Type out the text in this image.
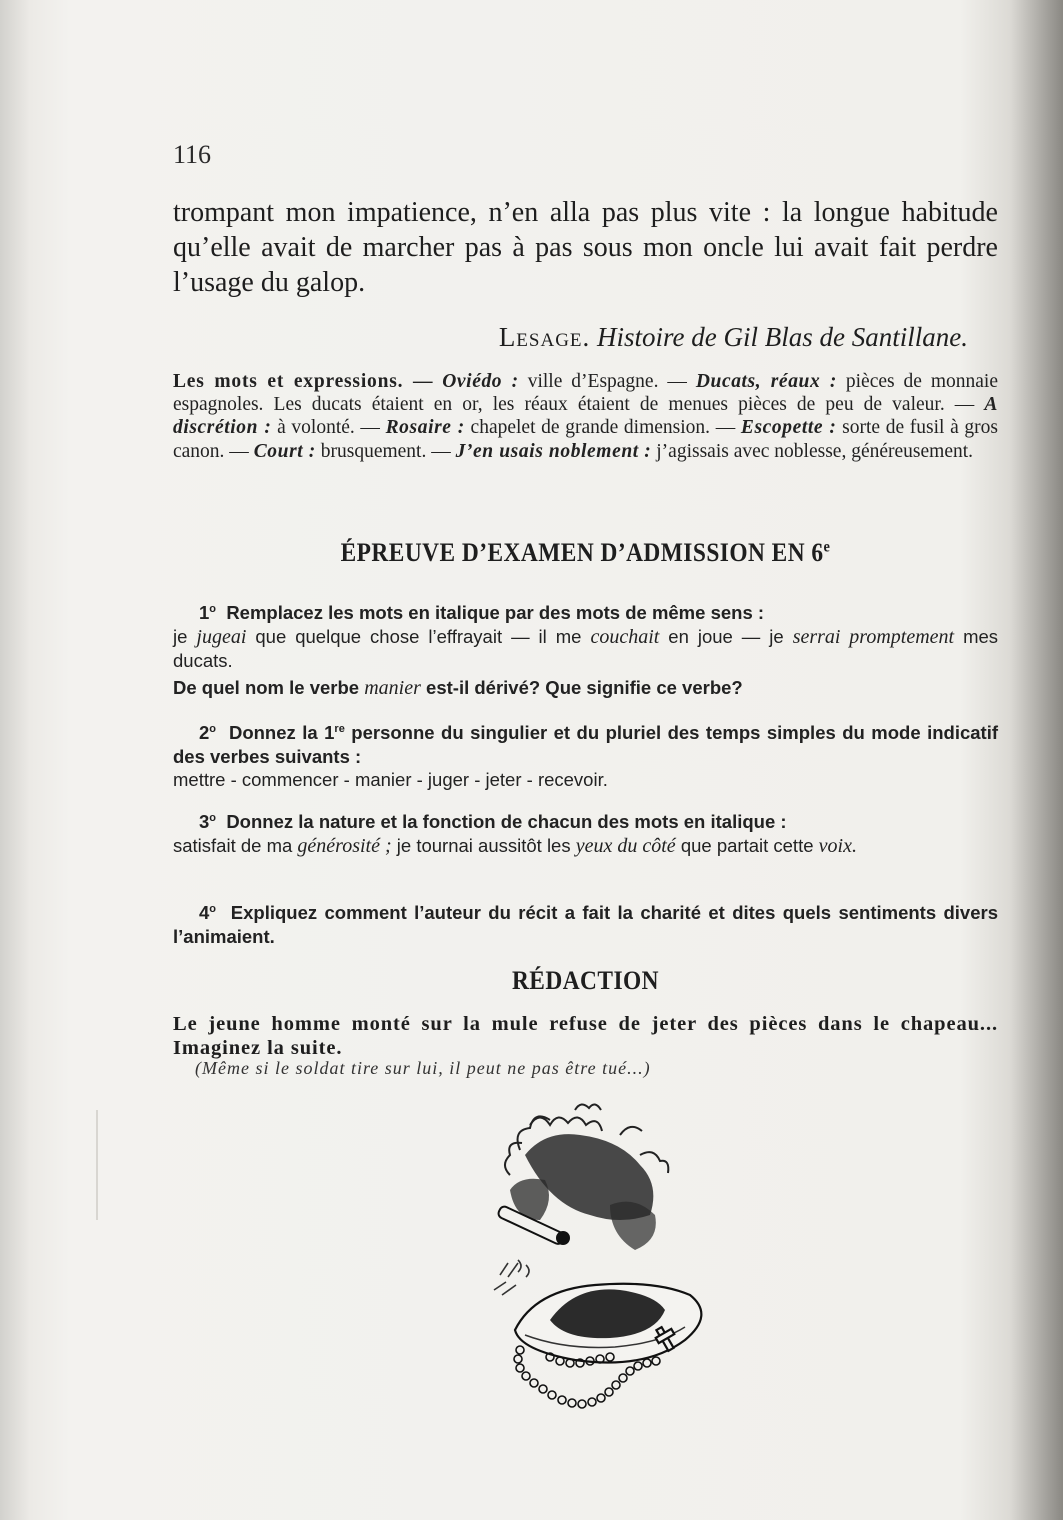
116

trompant mon impatience, n’en alla pas plus vite : la longue habitude qu’elle avait de marcher pas à pas sous mon oncle lui avait fait perdre l’usage du galop.

Lesage. Histoire de Gil Blas de Santillane.

Les mots et expressions. — Oviédo : ville d’Espagne. — Ducats, réaux : pièces de monnaie espagnoles. Les ducats étaient en or, les réaux étaient de menues pièces de peu de valeur. — A discrétion : à volonté. — Rosaire : chapelet de grande dimension. — Escopette : sorte de fusil à gros canon. — Court : brusquement. — J’en usais noblement : j’agissais avec noblesse, généreusement.

ÉPREUVE D’EXAMEN D’ADMISSION EN 6e

1$^o$ Remplacez les mots en italique par des mots de même sens :
je jugeai que quelque chose l’effrayait — il me couchait en joue — je serrai promptement mes ducats.

De quel nom le verbe manier est-il dérivé? Que signifie ce verbe?

2$^o$ Donnez la 1re personne du singulier et du pluriel des temps simples du mode indicatif des verbes suivants :
mettre - commencer - manier - juger - jeter - recevoir.

3$^o$ Donnez la nature et la fonction de chacun des mots en italique :
satisfait de ma générosité ; je tournai aussitôt les yeux du côté que partait cette voix.

4$^o$ Expliquez comment l’auteur du récit a fait la charité et dites quels sentiments divers l’animaient.

RÉDACTION

Le jeune homme monté sur la mule refuse de jeter des pièces dans le chapeau... Imaginez la suite.

(Même si le soldat tire sur lui, il peut ne pas être tué...)
